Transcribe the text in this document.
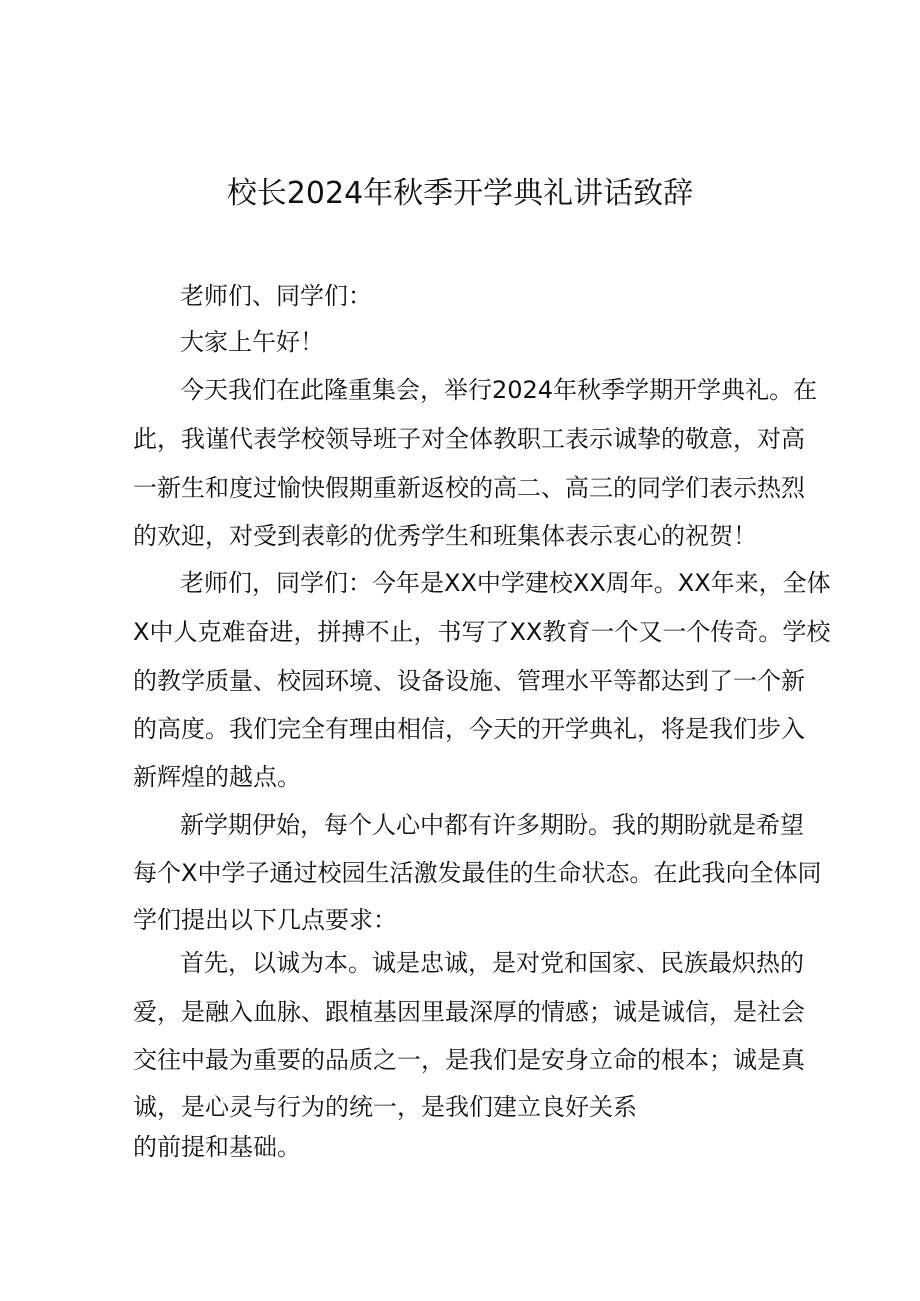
校长2024年秋季开学典礼讲话致辞
老师们、同学们：
大家上午好！
今天我们在此隆重集会，举行2024年秋季学期开学典礼。在
此，我谨代表学校领导班子对全体教职工表示诚挚的敬意，对高
一新生和度过愉快假期重新返校的高二、高三的同学们表示热烈
的欢迎，对受到表彰的优秀学生和班集体表示衷心的祝贺！
老师们，同学们：今年是XX中学建校XX周年。XX年来，全体
X中人克难奋进，拼搏不止，书写了XX教育一个又一个传奇。学校
的教学质量、校园环境、设备设施、管理水平等都达到了一个新
的高度。我们完全有理由相信，今天的开学典礼，将是我们步入
新辉煌的越点。
新学期伊始，每个人心中都有许多期盼。我的期盼就是希望
每个X中学子通过校园生活激发最佳的生命状态。在此我向全体同
学们提出以下几点要求：
首先，以诚为本。诚是忠诚，是对党和国家、民族最炽热的
爱，是融入血脉、跟植基因里最深厚的情感；诚是诚信，是社会
交往中最为重要的品质之一，是我们是安身立命的根本；诚是真
诚，是心灵与行为的统一，是我们建立良好关系
的前提和基础。
